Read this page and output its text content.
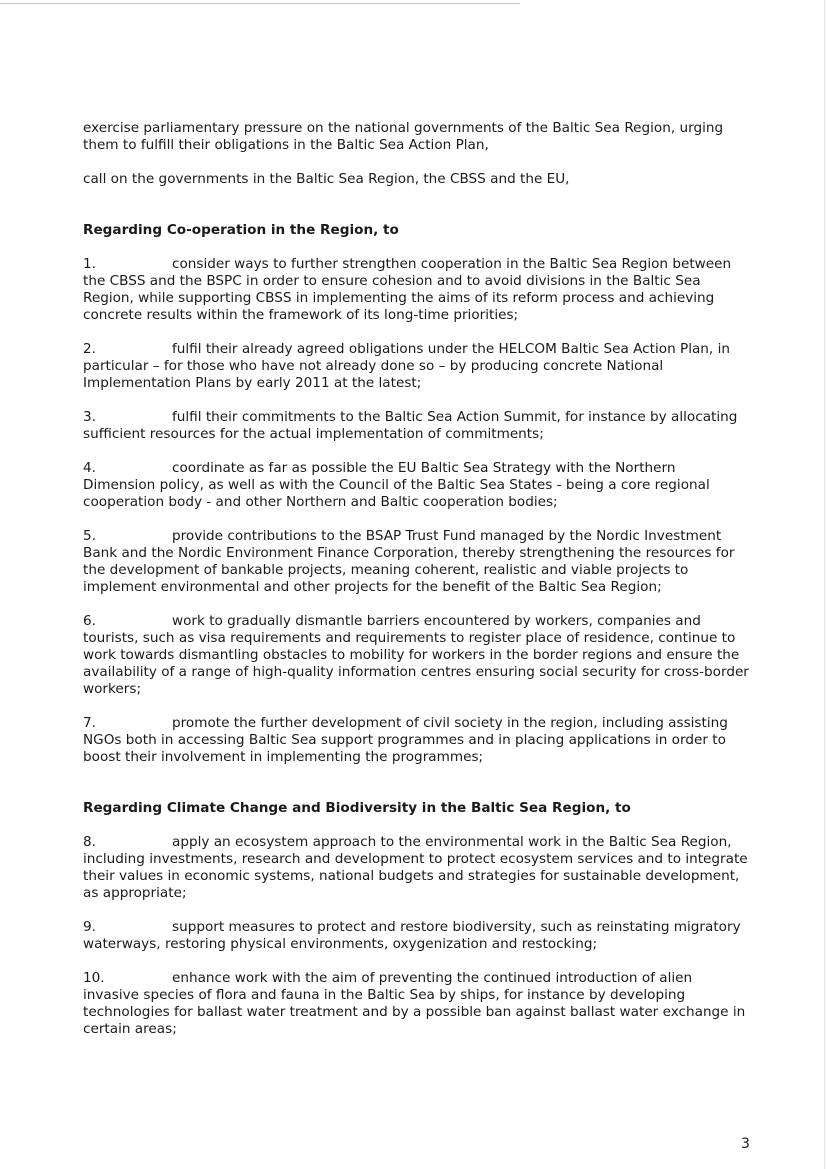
exercise parliamentary pressure on the national governments of the Baltic Sea Region, urging them to fulfill their obligations in the Baltic Sea Action Plan,

call on the governments in the Baltic Sea Region, the CBSS and the EU,

Regarding Co-operation in the Region, to

1.	consider ways to further strengthen cooperation in the Baltic Sea Region between the CBSS and the BSPC in order to ensure cohesion and to avoid divisions in the Baltic Sea Region, while supporting CBSS in implementing the aims of its reform process and achieving concrete results within the framework of its long-time priorities;

2.	fulfil their already agreed obligations under the HELCOM Baltic Sea Action Plan, in particular – for those who have not already done so – by producing concrete National Implementation Plans by early 2011 at the latest;

3.	fulfil their commitments to the Baltic Sea Action Summit, for instance by allocating sufficient resources for the actual implementation of commitments;

4.	coordinate as far as possible the EU Baltic Sea Strategy with the Northern Dimension policy, as well as with the Council of the Baltic Sea States - being a core regional cooperation body - and other Northern and Baltic cooperation bodies;

5.	provide contributions to the BSAP Trust Fund managed by the Nordic Investment Bank and the Nordic Environment Finance Corporation, thereby strengthening the resources for the development of bankable projects, meaning coherent, realistic and viable projects to implement environmental and other projects for the benefit of the Baltic Sea Region;

6.	work to gradually dismantle barriers encountered by workers, companies and tourists, such as visa requirements and requirements to register place of residence, continue to work towards dismantling obstacles to mobility for workers in the border regions and ensure the availability of a range of high-quality information centres ensuring social security for cross-border workers;

7.	promote the further development of civil society in the region, including assisting NGOs both in accessing Baltic Sea support programmes and in placing applications in order to boost their involvement in implementing the programmes;

Regarding Climate Change and Biodiversity in the Baltic Sea Region, to

8.	apply an ecosystem approach to the environmental work in the Baltic Sea Region, including investments, research and development to protect ecosystem services and to integrate their values in economic systems, national budgets and strategies for sustainable development, as appropriate;

9.	support measures to protect and restore biodiversity, such as reinstating migratory waterways, restoring physical environments, oxygenization and restocking;

10.	enhance work with the aim of preventing the continued introduction of alien invasive species of flora and fauna in the Baltic Sea by ships, for instance by developing technologies for ballast water treatment and by a possible ban against ballast water exchange in certain areas;

3
